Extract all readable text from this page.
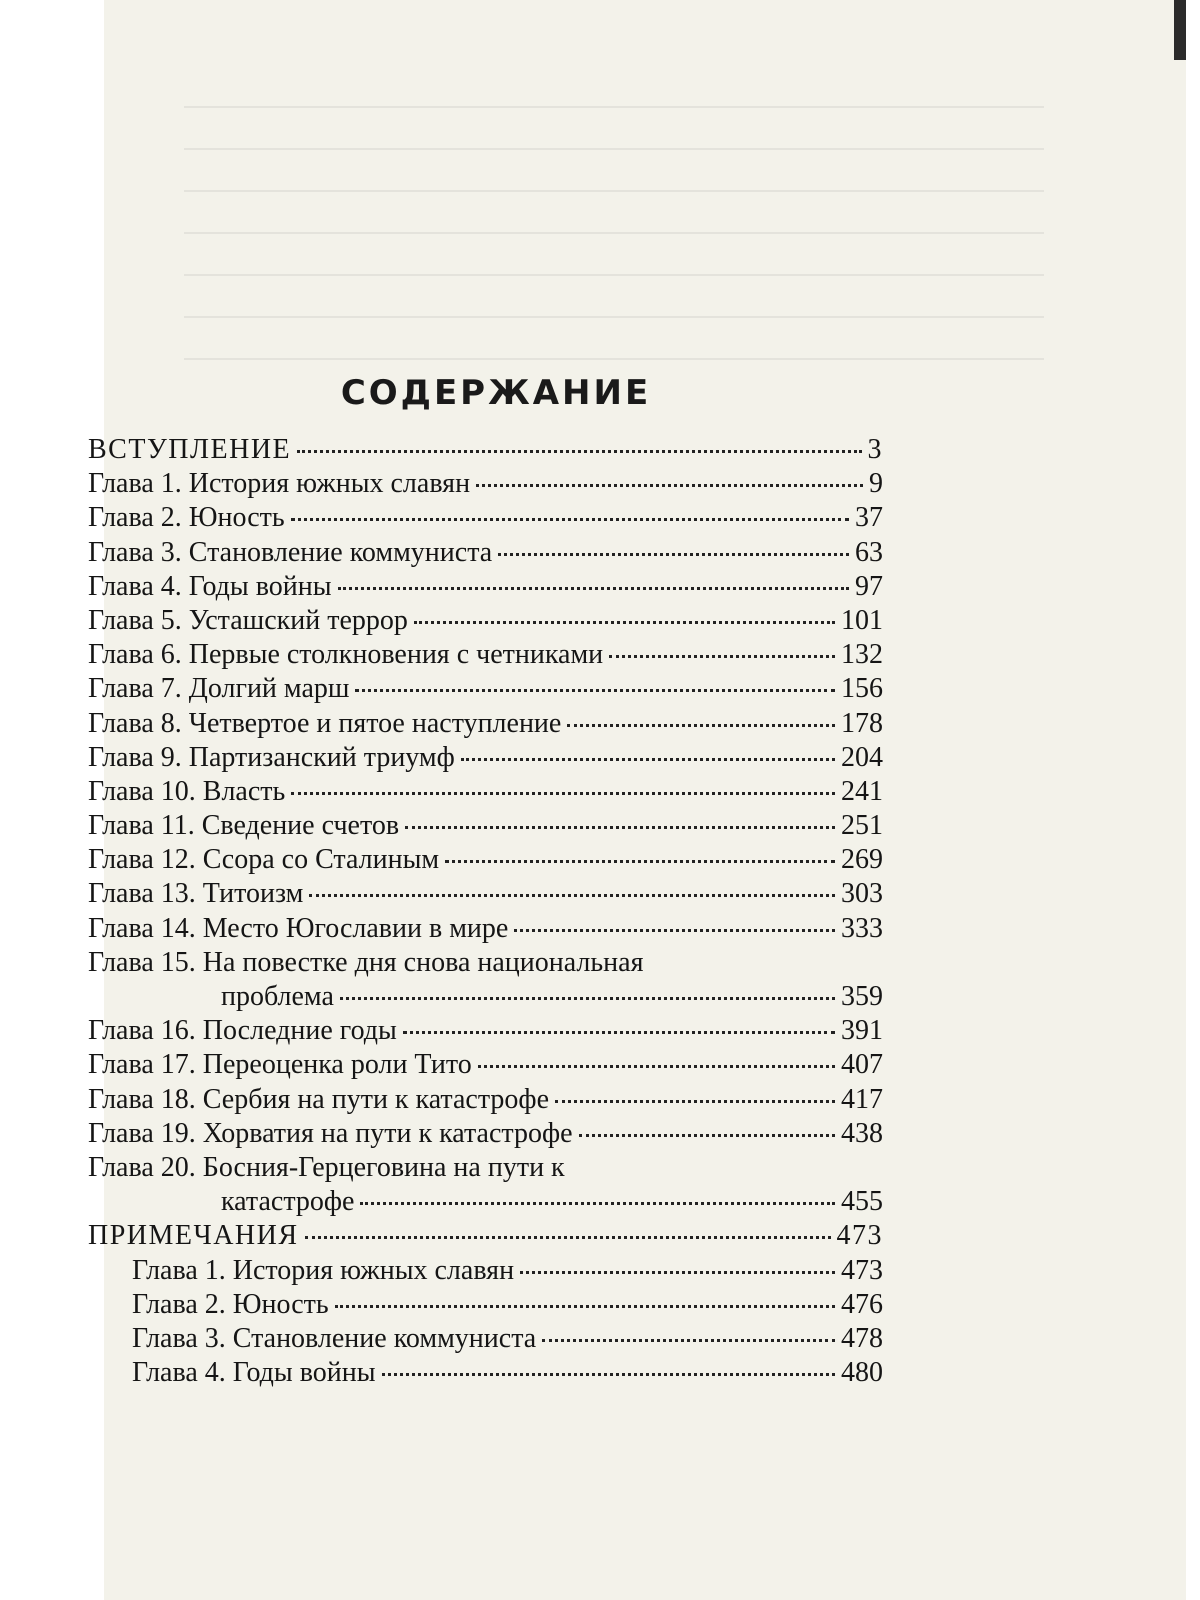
СОДЕРЖАНИЕ
ВСТУПЛЕНИЕ	3
Глава 1. История южных славян	9
Глава 2. Юность	37
Глава 3. Становление коммуниста	63
Глава 4. Годы войны	97
Глава 5. Усташский террор	101
Глава 6. Первые столкновения с четниками	132
Глава 7. Долгий марш	156
Глава 8. Четвертое и пятое наступление	178
Глава 9. Партизанский триумф	204
Глава 10. Власть	241
Глава 11. Сведение счетов	251
Глава 12. Ссора со Сталиным	269
Глава 13. Титоизм	303
Глава 14. Место Югославии в мире	333
Глава 15. На повестке дня снова национальная
проблема	359
Глава 16. Последние годы	391
Глава 17. Переоценка роли Тито	407
Глава 18. Сербия на пути к катастрофе	417
Глава 19. Хорватия на пути к катастрофе	438
Глава 20. Босния-Герцеговина на пути к
катастрофе	455
ПРИМЕЧАНИЯ	473
Глава 1. История южных славян	473
Глава 2. Юность	476
Глава 3. Становление коммуниста	478
Глава 4. Годы войны	480
